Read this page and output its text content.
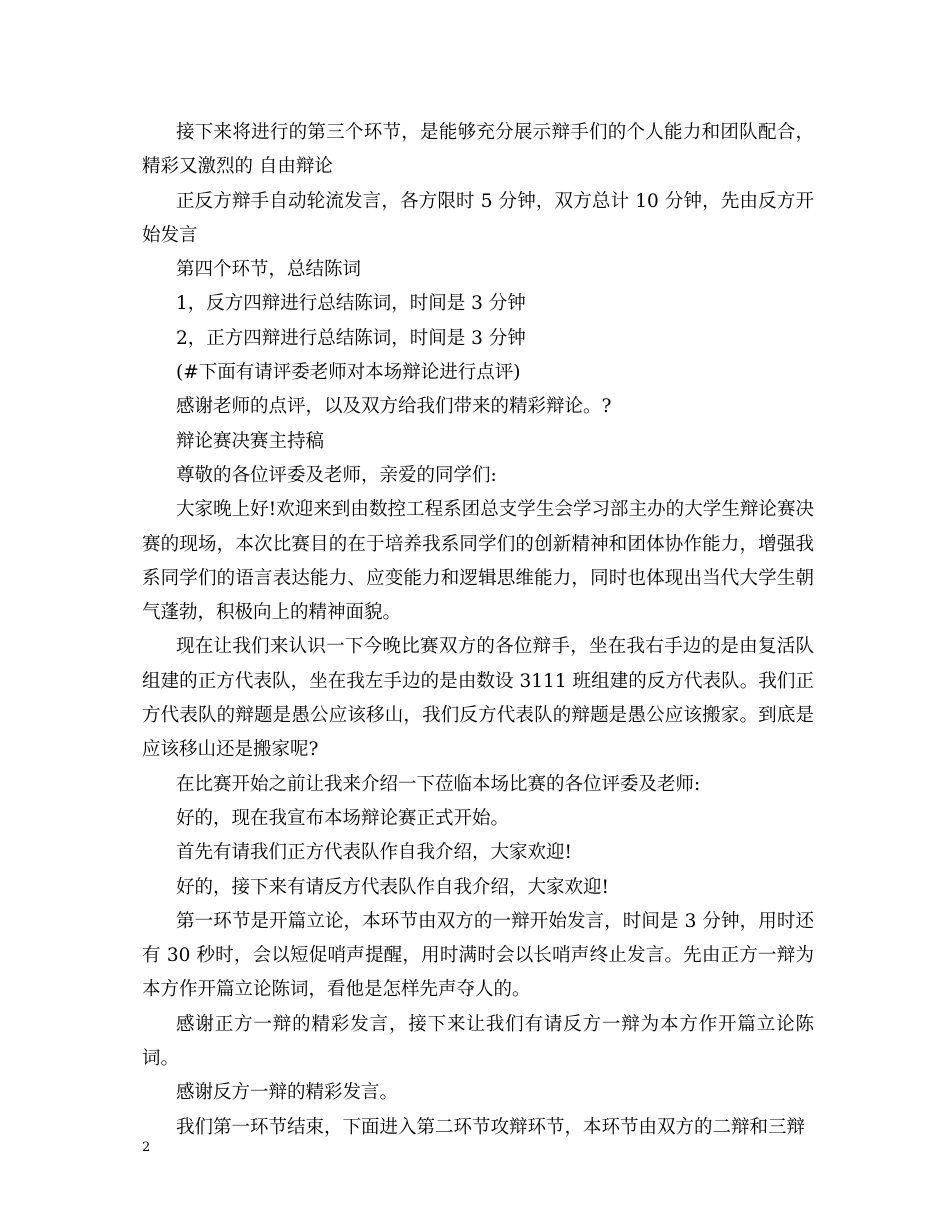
接下来将进行的第三个环节，是能够充分展示辩手们的个人能力和团队配合，精彩又激烈的 自由辩论

正反方辩手自动轮流发言，各方限时 5 分钟，双方总计 10 分钟，先由反方开始发言

第四个环节，总结陈词

1，反方四辩进行总结陈词，时间是 3 分钟

2，正方四辩进行总结陈词，时间是 3 分钟

(#下面有请评委老师对本场辩论进行点评)

感谢老师的点评，以及双方给我们带来的精彩辩论。?

辩论赛决赛主持稿

尊敬的各位评委及老师，亲爱的同学们:

大家晚上好!欢迎来到由数控工程系团总支学生会学习部主办的大学生辩论赛决赛的现场，本次比赛目的在于培养我系同学们的创新精神和团体协作能力，增强我系同学们的语言表达能力、应变能力和逻辑思维能力，同时也体现出当代大学生朝气蓬勃，积极向上的精神面貌。

现在让我们来认识一下今晚比赛双方的各位辩手，坐在我右手边的是由复活队组建的正方代表队，坐在我左手边的是由数设 3111 班组建的反方代表队。我们正方代表队的辩题是愚公应该移山，我们反方代表队的辩题是愚公应该搬家。到底是应该移山还是搬家呢?

在比赛开始之前让我来介绍一下莅临本场比赛的各位评委及老师:

好的，现在我宣布本场辩论赛正式开始。

首先有请我们正方代表队作自我介绍，大家欢迎!

好的，接下来有请反方代表队作自我介绍，大家欢迎!

第一环节是开篇立论，本环节由双方的一辩开始发言，时间是 3 分钟，用时还有 30 秒时，会以短促哨声提醒，用时满时会以长哨声终止发言。先由正方一辩为本方作开篇立论陈词，看他是怎样先声夺人的。

感谢正方一辩的精彩发言，接下来让我们有请反方一辩为本方作开篇立论陈词。

感谢反方一辩的精彩发言。

我们第一环节结束，下面进入第二环节攻辩环节，本环节由双方的二辩和三辩

2
